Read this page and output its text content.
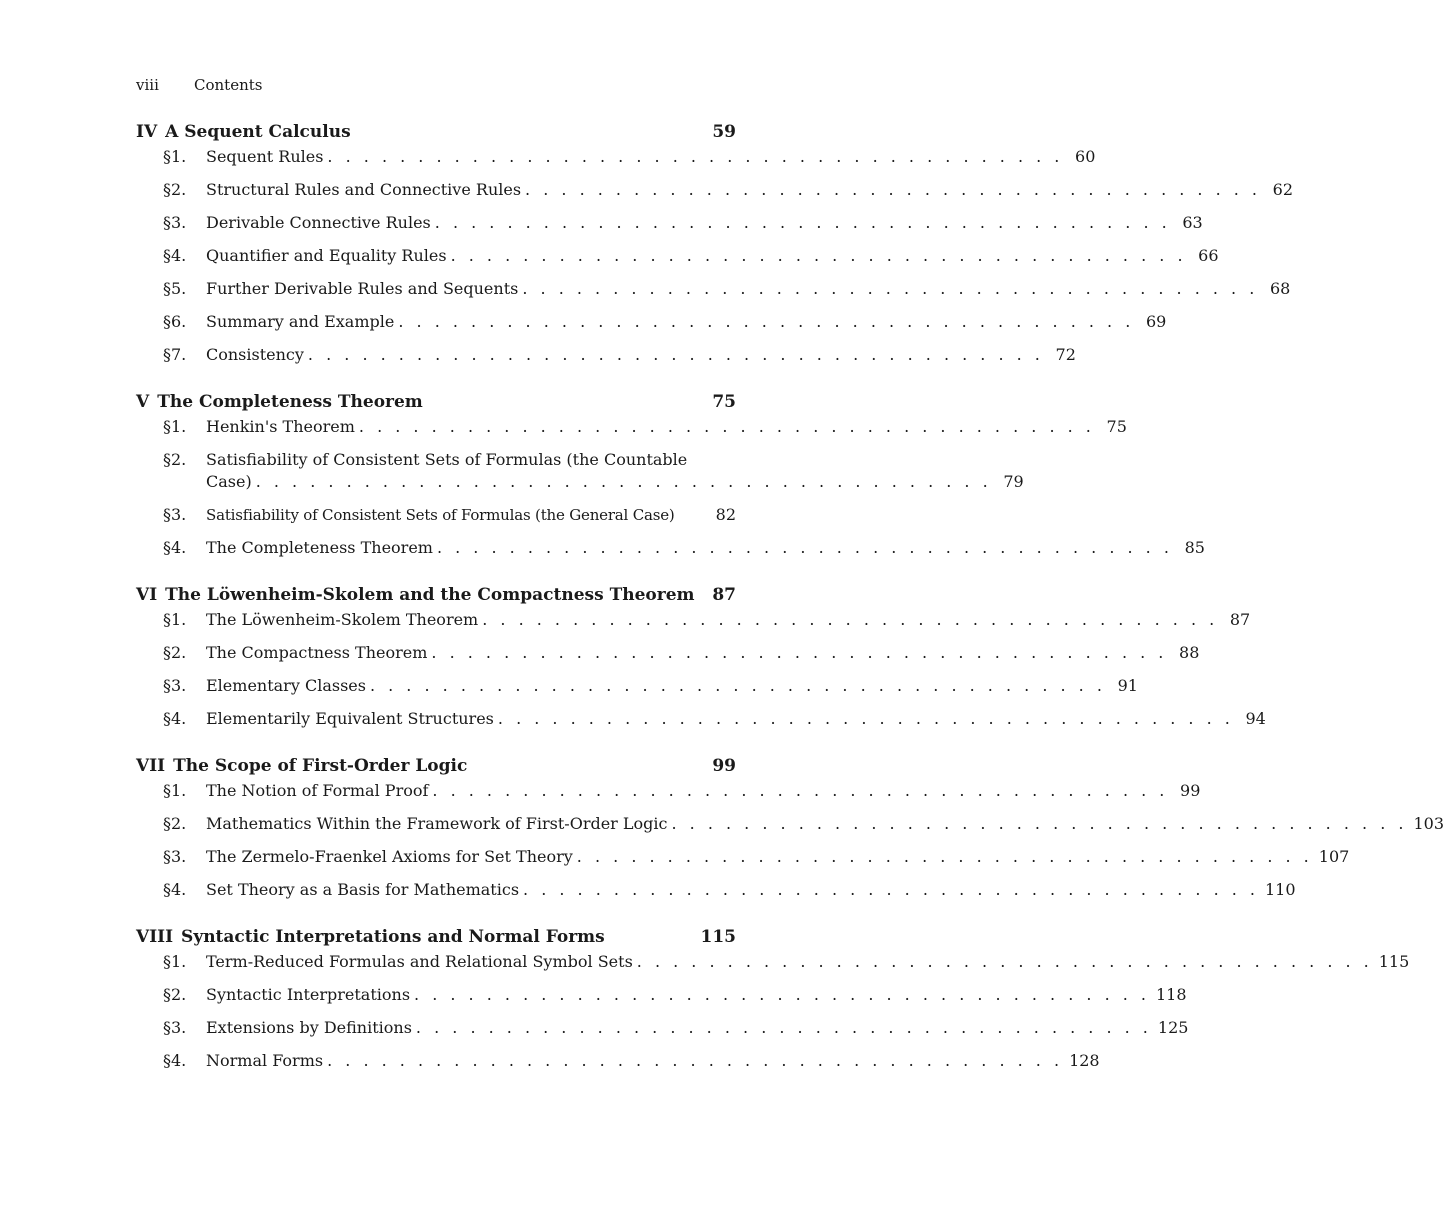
viii Contents
IV A Sequent Calculus	59
§1. Sequent Rules . . . . . . . . . . . . . . . . . . . . . . . . . . . . . . . . . . . . . . . . . 60
§2. Structural Rules and Connective Rules . . . . . . . . . . . . . . . . . . . . . . . . . . . . . . . . . . . . . . . . . 62
§3. Derivable Connective Rules . . . . . . . . . . . . . . . . . . . . . . . . . . . . . . . . . . . . . . . . . 63
§4. Quantifier and Equality Rules . . . . . . . . . . . . . . . . . . . . . . . . . . . . . . . . . . . . . . . . . 66
§5. Further Derivable Rules and Sequents . . . . . . . . . . . . . . . . . . . . . . . . . . . . . . . . . . . . . . . . . 68
§6. Summary and Example . . . . . . . . . . . . . . . . . . . . . . . . . . . . . . . . . . . . . . . . . 69
§7. Consistency . . . . . . . . . . . . . . . . . . . . . . . . . . . . . . . . . . . . . . . . . 72
V The Completeness Theorem	75
§1. Henkin's Theorem . . . . . . . . . . . . . . . . . . . . . . . . . . . . . . . . . . . . . . . . . 75
§2. Satisfiability of Consistent Sets of Formulas (the Countable
Case) . . . . . . . . . . . . . . . . . . . . . . . . . . . . . . . . . . . . . . . . . 79
§3. Satisfiability of Consistent Sets of Formulas (the General Case)	82
§4. The Completeness Theorem . . . . . . . . . . . . . . . . . . . . . . . . . . . . . . . . . . . . . . . . . 85
VI The Löwenheim-Skolem and the Compactness Theorem 87
§1. The Löwenheim-Skolem Theorem . . . . . . . . . . . . . . . . . . . . . . . . . . . . . . . . . . . . . . . . . 87
§2. The Compactness Theorem . . . . . . . . . . . . . . . . . . . . . . . . . . . . . . . . . . . . . . . . . 88
§3. Elementary Classes . . . . . . . . . . . . . . . . . . . . . . . . . . . . . . . . . . . . . . . . . 91
§4. Elementarily Equivalent Structures . . . . . . . . . . . . . . . . . . . . . . . . . . . . . . . . . . . . . . . . . 94
VII The Scope of First-Order Logic	99
§1. The Notion of Formal Proof . . . . . . . . . . . . . . . . . . . . . . . . . . . . . . . . . . . . . . . . . 99
§2. Mathematics Within the Framework of First-Order Logic . . . . . . . . . . . . . . . . . . . . . . . . . . . . . . . . . . . . . . . . . 103
§3. The Zermelo-Fraenkel Axioms for Set Theory . . . . . . . . . . . . . . . . . . . . . . . . . . . . . . . . . . . . . . . . . 107
§4. Set Theory as a Basis for Mathematics . . . . . . . . . . . . . . . . . . . . . . . . . . . . . . . . . . . . . . . . . 110
VIII Syntactic Interpretations and Normal Forms	115
§1. Term-Reduced Formulas and Relational Symbol Sets . . . . . . . . . . . . . . . . . . . . . . . . . . . . . . . . . . . . . . . . . 115
§2. Syntactic Interpretations . . . . . . . . . . . . . . . . . . . . . . . . . . . . . . . . . . . . . . . . . 118
§3. Extensions by Definitions . . . . . . . . . . . . . . . . . . . . . . . . . . . . . . . . . . . . . . . . . 125
§4. Normal Forms . . . . . . . . . . . . . . . . . . . . . . . . . . . . . . . . . . . . . . . . . 128
